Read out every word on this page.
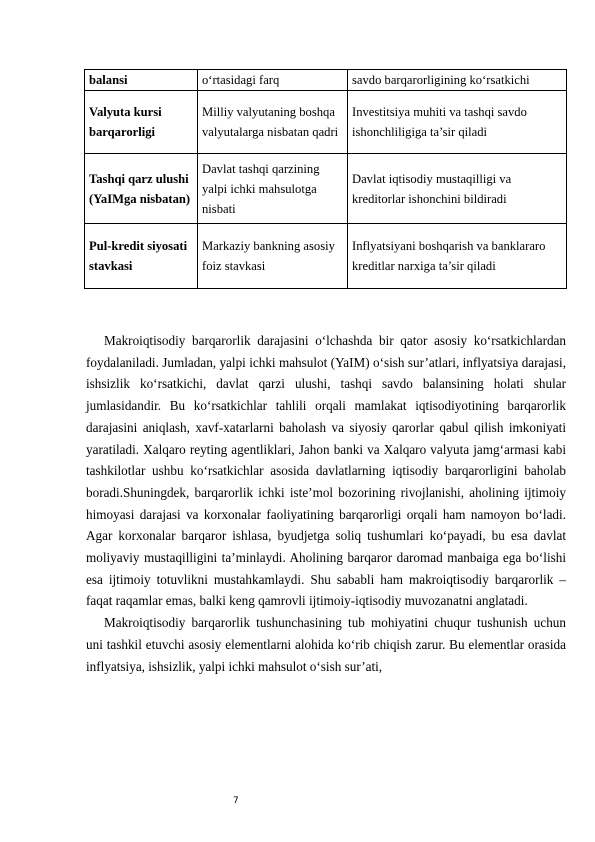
balansi	o‘rtasidagi farq	savdo barqarorligining ko‘rsatkichi
Valyuta kursi barqarorligi	Milliy valyutaning boshqa valyutalarga nisbatan qadri	Investitsiya muhiti va tashqi savdo ishonchliligiga ta’sir qiladi
Tashqi qarz ulushi (YaIMga nisbatan)	Davlat tashqi qarzining yalpi ichki mahsulotga nisbati	Davlat iqtisodiy mustaqilligi va kreditorlar ishonchini bildiradi
Pul-kredit siyosati stavkasi	Markaziy bankning asosiy foiz stavkasi	Inflyatsiyani boshqarish va banklararo kreditlar narxiga ta’sir qiladi

Makroiqtisodiy barqarorlik darajasini o‘lchashda bir qator asosiy ko‘rsatkichlardan foydalaniladi. Jumladan, yalpi ichki mahsulot (YaIM) o‘sish sur’atlari, inflyatsiya darajasi, ishsizlik ko‘rsatkichi, davlat qarzi ulushi, tashqi savdo balansining holati shular jumlasidandir. Bu ko‘rsatkichlar tahlili orqali mamlakat iqtisodiyotining barqarorlik darajasini aniqlash, xavf-xatarlarni baholash va siyosiy qarorlar qabul qilish imkoniyati yaratiladi. Xalqaro reyting agentliklari, Jahon banki va Xalqaro valyuta jamg‘armasi kabi tashkilotlar ushbu ko‘rsatkichlar asosida davlatlarning iqtisodiy barqarorligini baholab boradi.Shuningdek, barqarorlik ichki iste’mol bozorining rivojlanishi, aholining ijtimoiy himoyasi darajasi va korxonalar faoliyatining barqarorligi orqali ham namoyon bo‘ladi. Agar korxonalar barqaror ishlasa, byudjetga soliq tushumlari ko‘payadi, bu esa davlat moliyaviy mustaqilligini ta’minlaydi. Aholining barqaror daromad manbaiga ega bo‘lishi esa ijtimoiy totuvlikni mustahkamlaydi. Shu sababli ham makroiqtisodiy barqarorlik – faqat raqamlar emas, balki keng qamrovli ijtimoiy-iqtisodiy muvozanatni anglatadi.

Makroiqtisodiy barqarorlik tushunchasining tub mohiyatini chuqur tushunish uchun uni tashkil etuvchi asosiy elementlarni alohida ko‘rib chiqish zarur. Bu elementlar orasida inflyatsiya, ishsizlik, yalpi ichki mahsulot o‘sish sur’ati,

7
